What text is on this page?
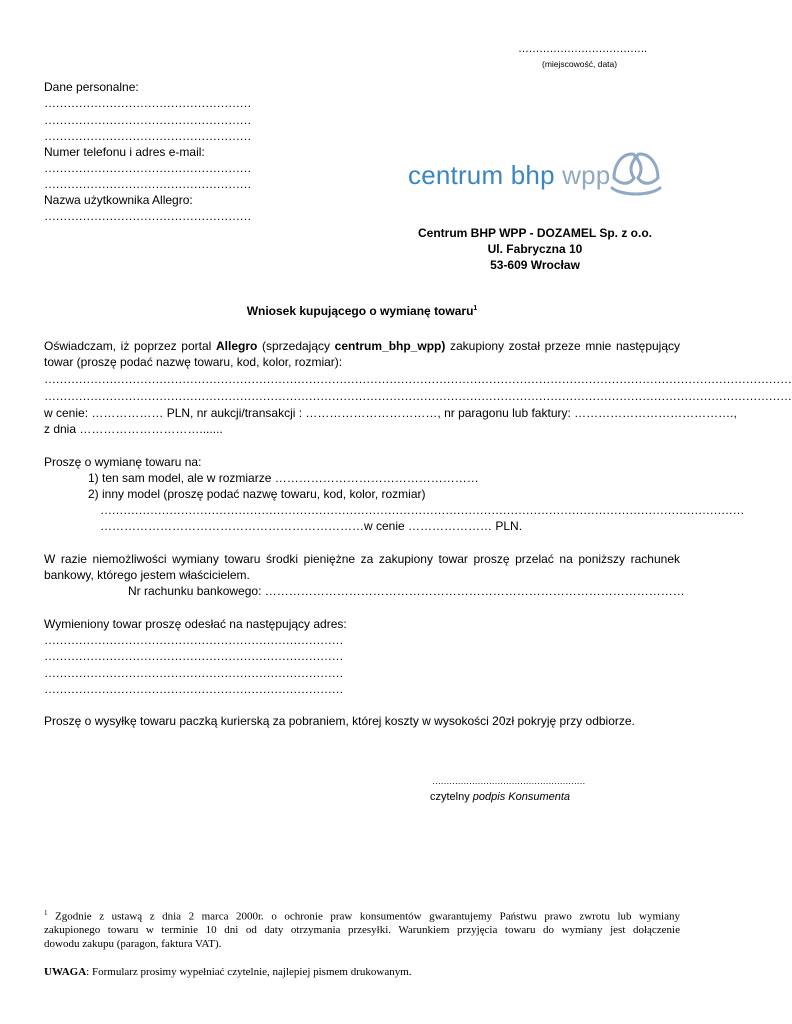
……………………………….
(miejscowość, data)
Dane personalne:
………………………………………………
………………………………………………
………………………………………………
Numer telefonu i adres e-mail:
………………………………………………
………………………………………………
Nazwa użytkownika Allegro:
………………………………………………
centrum bhp wpp
Centrum BHP WPP - DOZAMEL Sp. z o.o.
Ul. Fabryczna 10
53-609 Wrocław
Wniosek kupującego o wymianę towaru$^1$
Oświadczam, iż poprzez portal Allegro (sprzedający centrum_bhp_wpp) zakupiony został przeze mnie następujący
towar (proszę podać nazwę towaru, kod, kolor, rozmiar):
……………………………………………………………………………………………………………………………………………………………………………
……………………………………………………………………………………………………………………………………………………………………………
w cenie: ……………… PLN, nr aukcji/transakcji : ……………………………, nr paragonu lub faktury: ………………………………….,
z dnia ………………………….......
Proszę o wymianę towaru na:
1) ten sam model, ale w rozmiarze ……………………………………………
2) inny model (proszę podać nazwę towaru, kod, kolor, rozmiar)
……………………………………………………………………………………………………………………………………………………
…………………………………………………………w cenie ………………… PLN.
W razie niemożliwości wymiany towaru środki pieniężne za zakupiony towar proszę przelać na poniższy rachunek
bankowy, którego jestem właścicielem.
Nr rachunku bankowego: ……………………………………………………………………………………………
Wymieniony towar proszę odesłać na następujący adres:
……………………………………………………………………
……………………………………………………………………
……………………………………………………………………
……………………………………………………………………
Proszę o wysyłkę towaru paczką kurierską za pobraniem, której koszty w wysokości 20zł pokryję przy odbiorze.
………………………………………………
czytelny podpis Konsumenta
$^1$ Zgodnie z ustawą z dnia 2 marca 2000r. o ochronie praw konsumentów gwarantujemy Państwu prawo zwrotu lub wymiany
zakupionego towaru w terminie 10 dni od daty otrzymania przesyłki. Warunkiem przyjęcia towaru do wymiany jest dołączenie
dowodu zakupu (paragon, faktura VAT).
UWAGA: Formularz prosimy wypełniać czytelnie, najlepiej pismem drukowanym.
